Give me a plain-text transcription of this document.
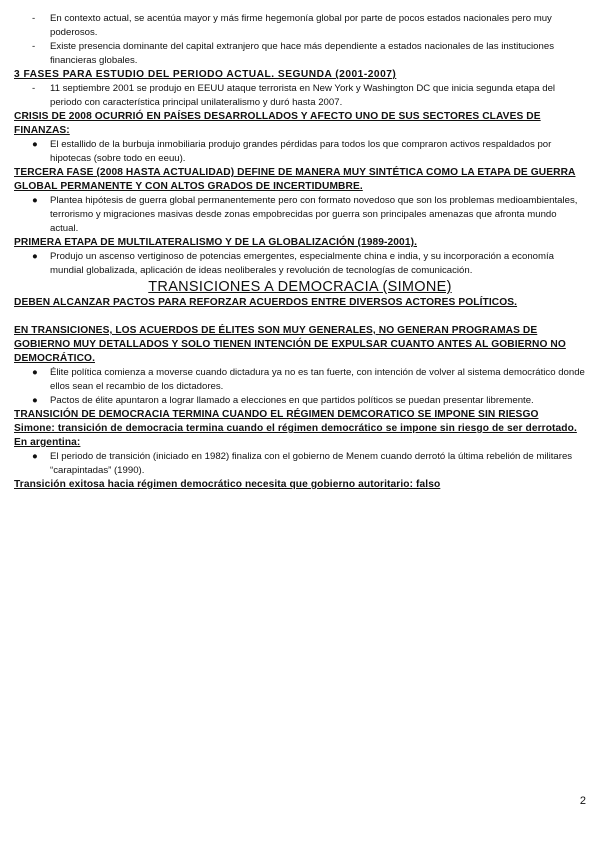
-	En contexto actual, se acentúa mayor y más firme hegemonía global por parte de pocos estados nacionales pero muy poderosos.
-	Existe presencia dominante del capital extranjero que hace más dependiente a estados nacionales de las instituciones financieras globales.

3 FASES PARA ESTUDIO DEL PERIODO ACTUAL. SEGUNDA (2001-2007)

-	11 septiembre 2001 se produjo en EEUU ataque terrorista en New York y Washington DC que inicia segunda etapa del periodo con característica principal unilateralismo y duró hasta 2007.

CRISIS DE 2008 OCURRIÓ EN PAÍSES DESARROLLADOS Y AFECTO UNO DE SUS SECTORES CLAVES DE FINANZAS:

●	El estallido de la burbuja inmobiliaria produjo grandes pérdidas para todos los que compraron activos respaldados por hipotecas (sobre todo en eeuu).

TERCERA FASE (2008 HASTA ACTUALIDAD) DEFINE DE MANERA MUY SINTÉTICA COMO LA ETAPA DE GUERRA GLOBAL PERMANENTE Y CON ALTOS GRADOS DE INCERTIDUMBRE.

●	Plantea hipótesis de guerra global permanentemente pero con formato novedoso que son los problemas medioambientales, terrorismo y migraciones masivas desde zonas empobrecidas por guerra son principales amenazas que afronta mundo actual.

PRIMERA ETAPA DE MULTILATERALISMO Y DE LA GLOBALIZACIÓN (1989-2001).

●	Produjo un ascenso vertiginoso de potencias emergentes, especialmente china e india, y su incorporación a economía mundial globalizada, aplicación de ideas neoliberales y revolución de tecnologías de comunicación.
TRANSICIONES A DEMOCRACIA (SIMONE)

DEBEN ALCANZAR PACTOS PARA REFORZAR ACUERDOS ENTRE DIVERSOS ACTORES POLÍTICOS.

EN TRANSICIONES, LOS ACUERDOS DE ÉLITES SON MUY GENERALES, NO GENERAN PROGRAMAS DE GOBIERNO MUY DETALLADOS Y SOLO TIENEN INTENCIÓN DE EXPULSAR CUANTO ANTES AL GOBIERNO NO DEMOCRÁTICO.

●	Élite política comienza a moverse cuando dictadura ya no es tan fuerte, con intención de volver al sistema democrático donde ellos sean el recambio de los dictadores.
●	Pactos de élite apuntaron a lograr llamado a elecciones en que partidos políticos se puedan presentar libremente.

TRANSICIÓN DE DEMOCRACIA TERMINA CUANDO EL RÉGIMEN DEMCORATICO SE IMPONE SIN RIESGO

Simone: transición de democracia termina cuando el régimen democrático se impone sin riesgo de ser derrotado. En argentina:

●	El periodo de transición (iniciado en 1982) finaliza con el gobierno de Menem cuando derrotó la última rebelión de militares “carapintadas” (1990).

Transición exitosa hacia régimen democrático necesita que gobierno autoritario: falso

2
